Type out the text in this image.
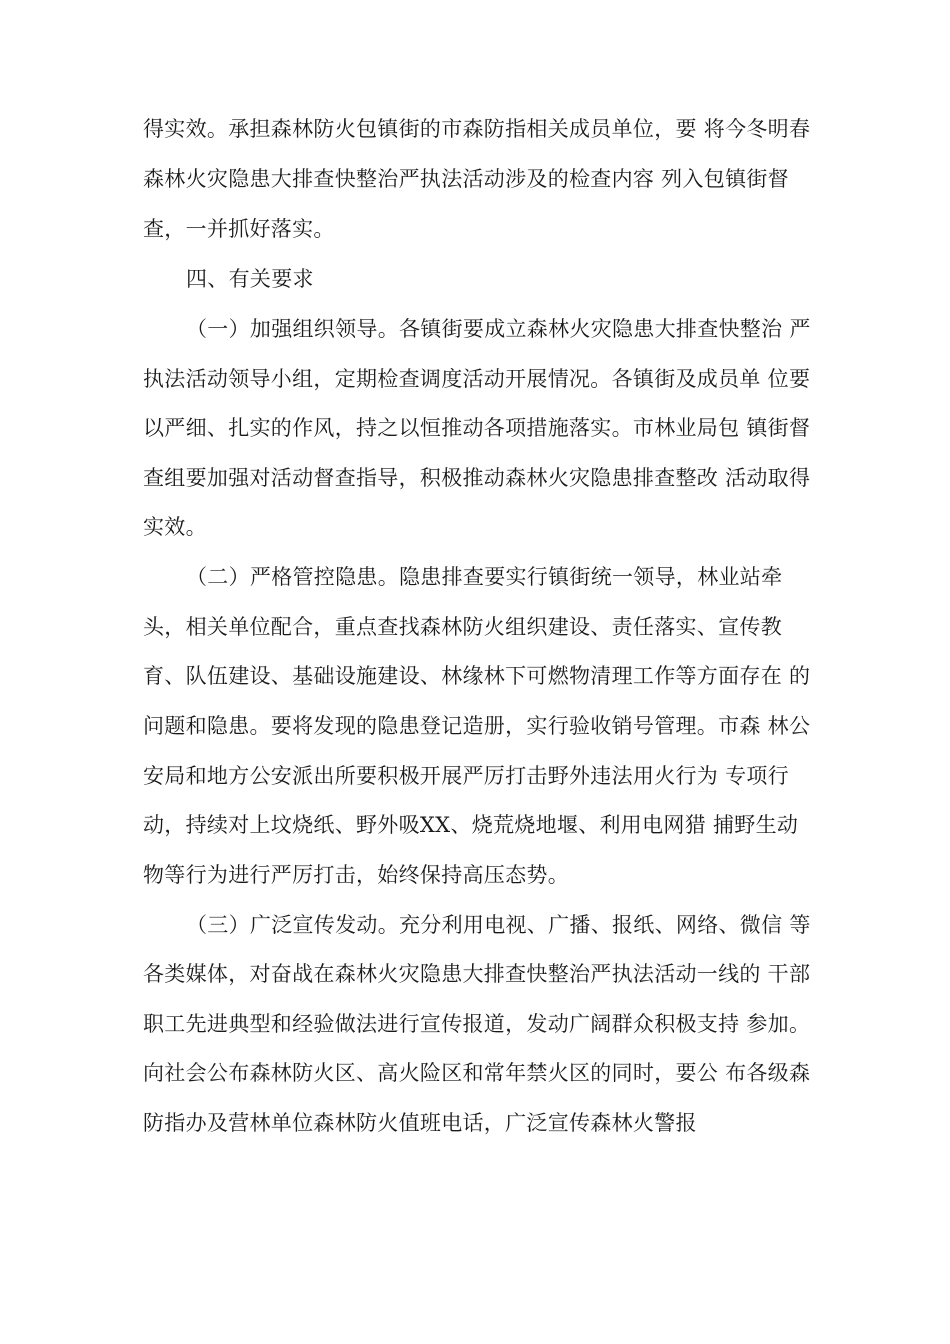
得实效。承担森林防火包镇街的市森防指相关成员单位，要 将今冬明春
森林火灾隐患大排查快整治严执法活动涉及的检查内容 列入包镇街督
查，一并抓好落实。
四、有关要求
（一）加强组织领导。各镇街要成立森林火灾隐患大排查快整治 严
执法活动领导小组，定期检查调度活动开展情况。各镇街及成员单 位要
以严细、扎实的作风，持之以恒推动各项措施落实。市林业局包 镇街督
查组要加强对活动督查指导，积极推动森林火灾隐患排查整改 活动取得
实效。
（二）严格管控隐患。隐患排查要实行镇街统一领导，林业站牵
头，相关单位配合，重点查找森林防火组织建设、责任落实、宣传教
育、队伍建设、基础设施建设、林缘林下可燃物清理工作等方面存在 的
问题和隐患。要将发现的隐患登记造册，实行验收销号管理。市森 林公
安局和地方公安派出所要积极开展严厉打击野外违法用火行为 专项行
动，持续对上坟烧纸、野外吸XX、烧荒烧地堰、利用电网猎 捕野生动
物等行为进行严厉打击，始终保持高压态势。
（三）广泛宣传发动。充分利用电视、广播、报纸、网络、微信 等
各类媒体，对奋战在森林火灾隐患大排查快整治严执法活动一线的 干部
职工先进典型和经验做法进行宣传报道，发动广阔群众积极支持 参加。
向社会公布森林防火区、高火险区和常年禁火区的同时，要公 布各级森
防指办及营林单位森林防火值班电话，广泛宣传森林火警报
